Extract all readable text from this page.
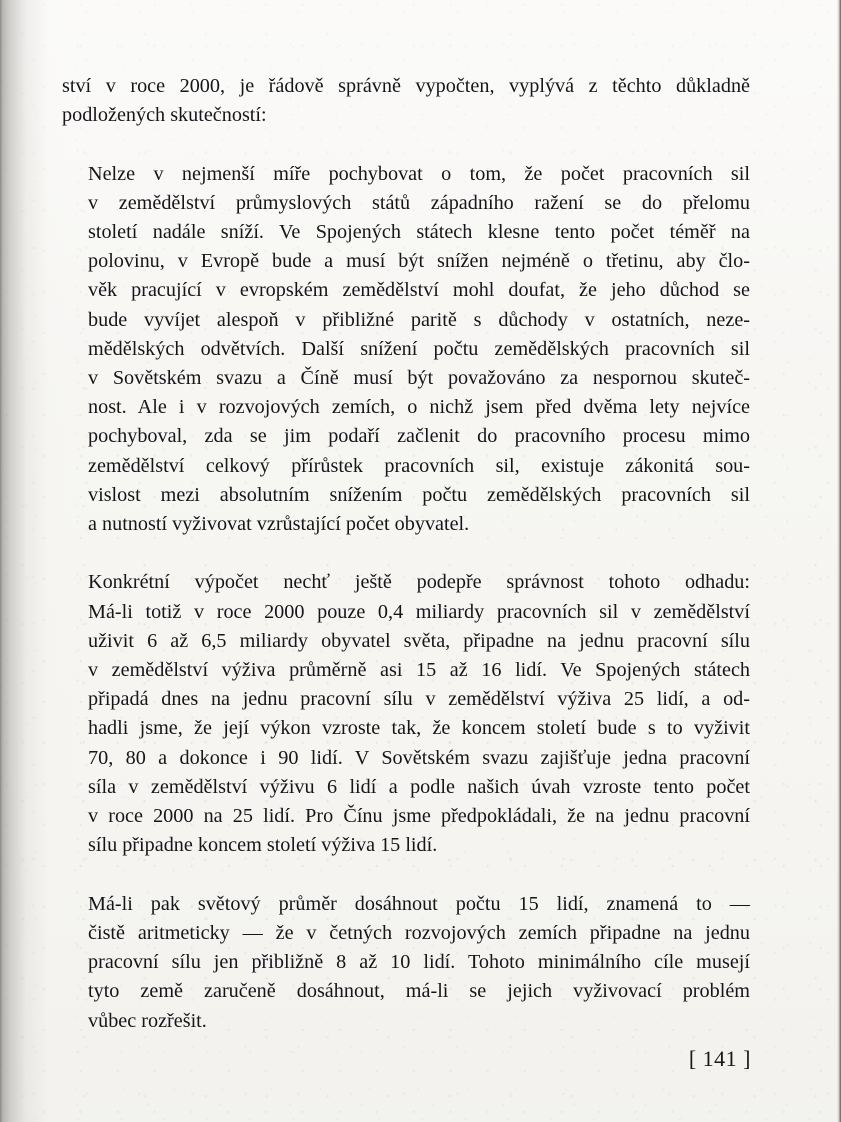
ství v roce 2000, je řádově správně vypočten, vyplývá z těchto důkladně
podložených skutečností:

Nelze v nejmenší míře pochybovat o tom, že počet pracovních sil
v zemědělství průmyslových států západního ražení se do přelomu
století nadále sníží. Ve Spojených státech klesne tento počet téměř na
polovinu, v Evropě bude a musí být snížen nejméně o třetinu, aby člo-
věk pracující v evropském zemědělství mohl doufat, že jeho důchod se
bude vyvíjet alespoň v přibližné paritě s důchody v ostatních, neze-
mědělských odvětvích. Další snížení počtu zemědělských pracovních sil
v Sovětském svazu a Číně musí být považováno za nespornou skuteč-
nost. Ale i v rozvojových zemích, o nichž jsem před dvěma lety nejvíce
pochyboval, zda se jim podaří začlenit do pracovního procesu mimo
zemědělství celkový přírůstek pracovních sil, existuje zákonitá sou-
vislost mezi absolutním snížením počtu zemědělských pracovních sil
a nutností vyživovat vzrůstající počet obyvatel.

Konkrétní výpočet nechť ještě podepře správnost tohoto odhadu:
Má-li totiž v roce 2000 pouze 0,4 miliardy pracovních sil v zemědělství
uživit 6 až 6,5 miliardy obyvatel světa, připadne na jednu pracovní sílu
v zemědělství výživa průměrně asi 15 až 16 lidí. Ve Spojených státech
připadá dnes na jednu pracovní sílu v zemědělství výživa 25 lidí, a od-
hadli jsme, že její výkon vzroste tak, že koncem století bude s to vyživit
70, 80 a dokonce i 90 lidí. V Sovětském svazu zajišťuje jedna pracovní
síla v zemědělství výživu 6 lidí a podle našich úvah vzroste tento počet
v roce 2000 na 25 lidí. Pro Čínu jsme předpokládali, že na jednu pracovní
sílu připadne koncem století výživa 15 lidí.

Má-li pak světový průměr dosáhnout počtu 15 lidí, znamená to —
čistě aritmeticky — že v četných rozvojových zemích připadne na jednu
pracovní sílu jen přibližně 8 až 10 lidí. Tohoto minimálního cíle musejí
tyto země zaručeně dosáhnout, má-li se jejich vyživovací problém
vůbec rozřešit.

[ 141 ]
